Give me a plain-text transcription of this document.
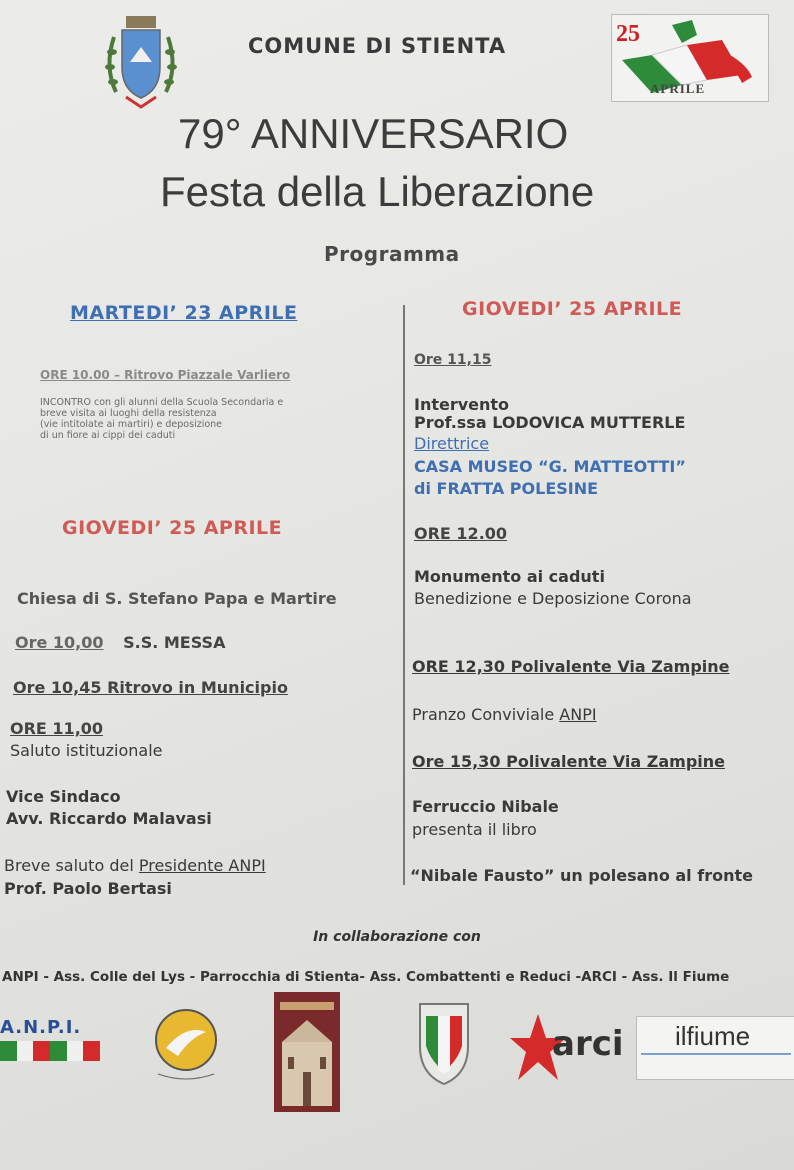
COMUNE DI STIENTA	25
APRILE
79° ANNIVERSARIO
Festa della Liberazione
Programma
MARTEDI’ 23 APRILE
ORE 10.00 – Ritrovo Piazzale Varliero
INCONTRO con gli alunni della Scuola Secondaria e
breve visita ai luoghi della resistenza
(vie intitolate ai martiri) e deposizione
di un fiore ai cippi dei caduti
GIOVEDI’ 25 APRILE
Chiesa di S. Stefano Papa e Martire
Ore 10,00 S.S. MESSA
Ore 10,45 Ritrovo in Municipio
ORE 11,00
Saluto istituzionale
Vice Sindaco
Avv. Riccardo Malavasi
Breve saluto del Presidente ANPI
Prof. Paolo Bertasi
GIOVEDI’ 25 APRILE
Ore 11,15
Intervento
Prof.ssa LODOVICA MUTTERLE
Direttrice
CASA MUSEO “G. MATTEOTTI”
di FRATTA POLESINE
ORE 12.00
Monumento ai caduti
Benedizione e Deposizione Corona
ORE 12,30 Polivalente Via Zampine
Pranzo Conviviale ANPI
Ore 15,30 Polivalente Via Zampine
Ferruccio Nibale
presenta il libro
“Nibale Fausto” un polesano al fronte
In collaborazione con
ANPI - Ass. Colle del Lys - Parrocchia di Stienta- Ass. Combattenti e Reduci -ARCI - Ass. Il Fiume
A.N.P.I.	arci ilfiume
